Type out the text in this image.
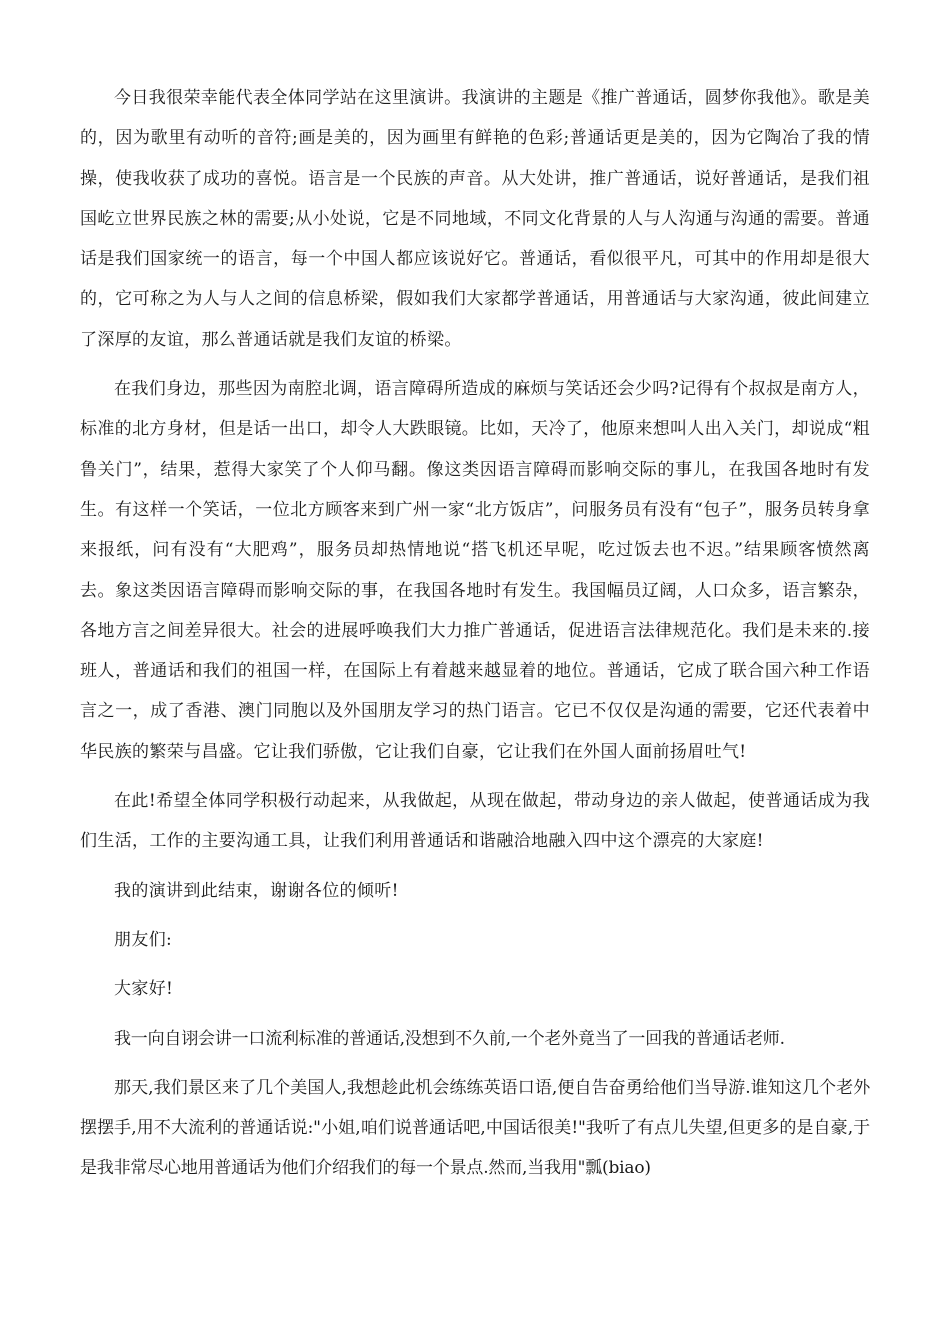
今日我很荣幸能代表全体同学站在这里演讲。我演讲的主题是《推广普通话，圆梦你我他》。歌是美的，因为歌里有动听的音符;画是美的，因为画里有鲜艳的色彩;普通话更是美的，因为它陶冶了我的情操，使我收获了成功的喜悦。语言是一个民族的声音。从大处讲，推广普通话，说好普通话，是我们祖国屹立世界民族之林的需要;从小处说，它是不同地域，不同文化背景的人与人沟通与沟通的需要。普通话是我们国家统一的语言，每一个中国人都应该说好它。普通话，看似很平凡，可其中的作用却是很大的，它可称之为人与人之间的信息桥梁，假如我们大家都学普通话，用普通话与大家沟通，彼此间建立了深厚的友谊，那么普通话就是我们友谊的桥梁。

在我们身边，那些因为南腔北调，语言障碍所造成的麻烦与笑话还会少吗?记得有个叔叔是南方人，标准的北方身材，但是话一出口，却令人大跌眼镜。比如，天冷了，他原来想叫人出入关门，却说成“粗鲁关门”，结果，惹得大家笑了个人仰马翻。像这类因语言障碍而影响交际的事儿，在我国各地时有发生。有这样一个笑话，一位北方顾客来到广州一家“北方饭店”，问服务员有没有“包子”，服务员转身拿来报纸，问有没有“大肥鸡”，服务员却热情地说“搭飞机还早呢，吃过饭去也不迟。”结果顾客愤然离去。象这类因语言障碍而影响交际的事，在我国各地时有发生。我国幅员辽阔，人口众多，语言繁杂，各地方言之间差异很大。社会的进展呼唤我们大力推广普通话，促进语言法律规范化。我们是未来的.接班人，普通话和我们的祖国一样，在国际上有着越来越显着的地位。普通话，它成了联合国六种工作语言之一，成了香港、澳门同胞以及外国朋友学习的热门语言。它已不仅仅是沟通的需要，它还代表着中华民族的繁荣与昌盛。它让我们骄傲，它让我们自豪，它让我们在外国人面前扬眉吐气!

在此!希望全体同学积极行动起来，从我做起，从现在做起，带动身边的亲人做起，使普通话成为我们生活，工作的主要沟通工具，让我们利用普通话和谐融洽地融入四中这个漂亮的大家庭!

我的演讲到此结束，谢谢各位的倾听!

朋友们:

大家好!

我一向自诩会讲一口流利标准的普通话,没想到不久前,一个老外竟当了一回我的普通话老师.

那天,我们景区来了几个美国人,我想趁此机会练练英语口语,便自告奋勇给他们当导游.谁知这几个老外摆摆手,用不大流利的普通话说:"小姐,咱们说普通话吧,中国话很美!"我听了有点儿失望,但更多的是自豪,于是我非常尽心地用普通话为他们介绍我们的每一个景点.然而,当我用"瓢(biao)
